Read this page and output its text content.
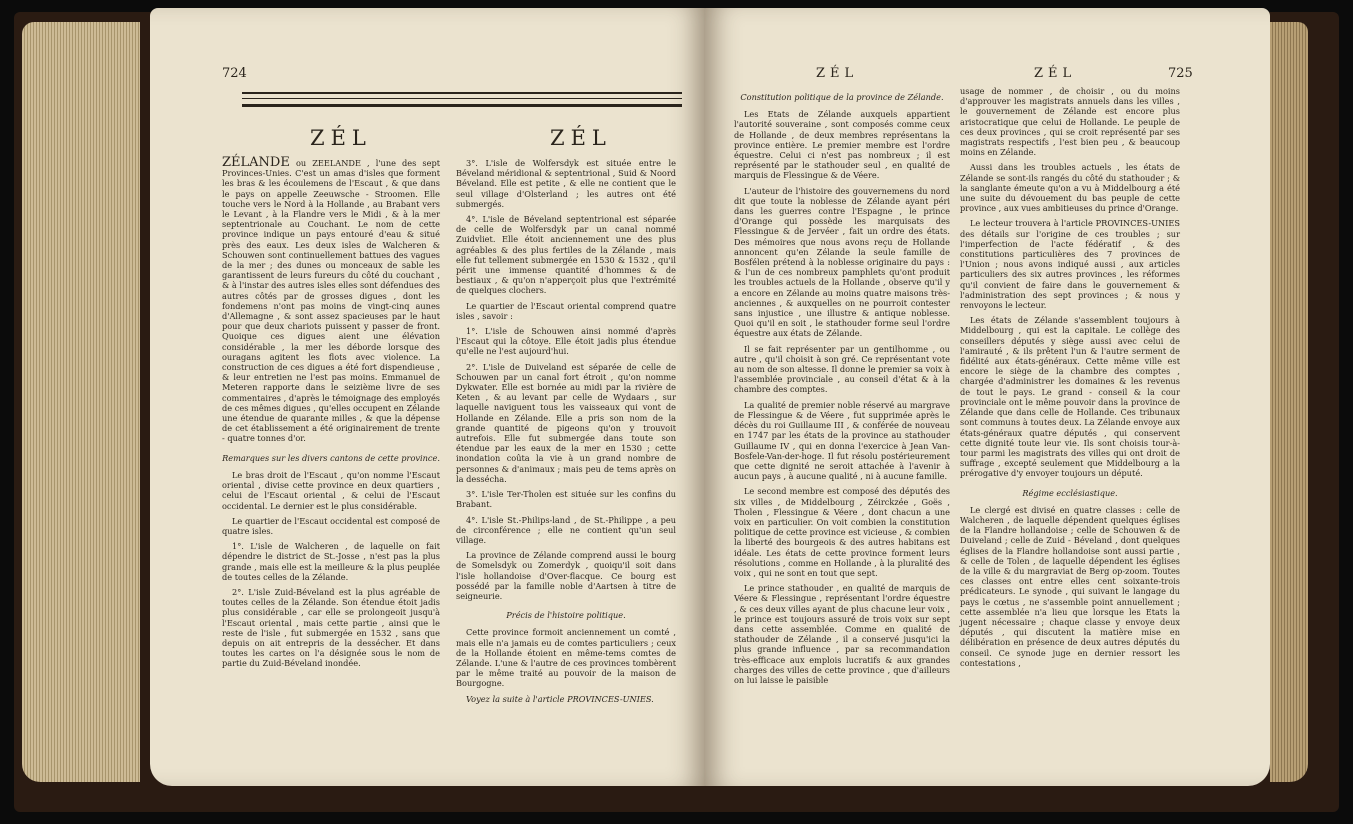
724
ZÉL	ZÉL

ZÉLANDE ou ZEELANDE , l'une des sept Provinces-Unies. C'est un amas d'isles que forment les bras & les écoulemens de l'Escaut , & que dans le pays on appelle Zeeuwsche - Stroomen. Elle touche vers le Nord à la Hollande , au Brabant vers le Levant , à la Flandre vers le Midi , & à la mer septentrionale au Couchant. Le nom de cette province indique un pays entouré d'eau & situé près des eaux. Les deux isles de Walcheren & Schouwen sont continuellement battues des vagues de la mer ; des dunes ou monceaux de sable les garantissent de leurs fureurs du côté du couchant , & à l'instar des autres isles elles sont défendues des autres côtés par de grosses digues , dont les fondemens n'ont pas moins de vingt-cinq aunes d'Allemagne , & sont assez spacieuses par le haut pour que deux chariots puissent y passer de front. Quoique ces digues aient une élévation considérable , la mer les déborde lorsque des ouragans agitent les flots avec violence. La construction de ces digues a été fort dispendieuse , & leur entretien ne l'est pas moins. Emmanuel de Meteren rapporte dans le seizième livre de ses commentaires , d'après le témoignage des employés de ces mêmes digues , qu'elles occupent en Zélande une étendue de quarante milles , & que la dépense de cet établissement a été originairement de trente - quatre tonnes d'or.

Remarques sur les divers cantons de cette province.

Le bras droit de l'Escaut , qu'on nomme l'Escaut oriental , divise cette province en deux quartiers , celui de l'Escaut oriental , & celui de l'Escaut occidental. Le dernier est le plus considérable.

Le quartier de l'Escaut occidental est composé de quatre isles.

1°. L'isle de Walcheren , de laquelle on fait dépendre le district de St.-Josse , n'est pas la plus grande , mais elle est la meilleure & la plus peuplée de toutes celles de la Zélande.

2°. L'isle Zuid-Béveland est la plus agréable de toutes celles de la Zélande. Son étendue étoit jadis plus considérable , car elle se prolongeoit jusqu'à l'Escaut oriental , mais cette partie , ainsi que le reste de l'isle , fut submergée en 1532 , sans que depuis on ait entrepris de la dessécher. Et dans toutes les cartes on l'a désignée sous le nom de partie du Zuid-Béveland inondée.

3°. L'isle de Wolfersdyk est située entre le Béveland méridional & septentrional , Suid & Noord Béveland. Elle est petite , & elle ne contient que le seul village d'Olsterland ; les autres ont été submergés.

4°. L'isle de Béveland septentrional est séparée de celle de Wolfersdyk par un canal nommé Zuidvliet. Elle étoit anciennement une des plus agréables & des plus fertiles de la Zélande , mais elle fut tellement submergée en 1530 & 1532 , qu'il périt une immense quantité d'hommes & de bestiaux , & qu'on n'apperçoit plus que l'extrémité de quelques clochers.

Le quartier de l'Escaut oriental comprend quatre isles , savoir :

1°. L'isle de Schouwen ainsi nommé d'après l'Escaut qui la côtoye. Elle étoit jadis plus étendue qu'elle ne l'est aujourd'hui.

2°. L'isle de Duiveland est séparée de celle de Schouwen par un canal fort étroit , qu'on nomme Dykwater. Elle est bornée au midi par la rivière de Keten , & au levant par celle de Wydaars , sur laquelle naviguent tous les vaisseaux qui vont de Hollande en Zélande. Elle a pris son nom de la grande quantité de pigeons qu'on y trouvoit autrefois. Elle fut submergée dans toute son étendue par les eaux de la mer en 1530 ; cette inondation coûta la vie à un grand nombre de personnes & d'animaux ; mais peu de tems après on la dessécha.

3°. L'isle Ter-Tholen est située sur les confins du Brabant.

4°. L'isle St.-Philips-land , de St.-Philippe , a peu de circonférence ; elle ne contient qu'un seul village.

La province de Zélande comprend aussi le bourg de Somelsdyk ou Zomerdyk , quoiqu'il soit dans l'isle hollandoise d'Over-flacque. Ce bourg est possédé par la famille noble d'Aartsen à titre de seigneurie.

Précis de l'histoire politique.

Cette province formoit anciennement un comté , mais elle n'a jamais eu de comtes particuliers ; ceux de la Hollande étoient en même-tems comtes de Zélande. L'une & l'autre de ces provinces tombèrent par le même traité au pouvoir de la maison de Bourgogne.

Voyez la suite à l'article PROVINCES-UNIES.

ZÉL	ZÉL	725

Constitution politique de la province de Zélande.

Les Etats de Zélande auxquels appartient l'autorité souveraine , sont composés comme ceux de Hollande , de deux membres représentans la province entière. Le premier membre est l'ordre équestre. Celui ci n'est pas nombreux ; il est représenté par le stathouder seul , en qualité de marquis de Flessingue & de Véere.

L'auteur de l'histoire des gouvernemens du nord dit que toute la noblesse de Zélande ayant péri dans les guerres contre l'Espagne , le prince d'Orange qui possède les marquisats des Flessingue & de Jervéer , fait un ordre des états. Des mémoires que nous avons reçu de Hollande annoncent qu'en Zélande la seule famille de Bosfélen prétend à la noblesse originaire du pays : & l'un de ces nombreux pamphlets qu'ont produit les troubles actuels de la Hollande , observe qu'il y a encore en Zélande au moins quatre maisons très-anciennes , & auxquelles on ne pourroit contester sans injustice , une illustre & antique noblesse. Quoi qu'il en soit , le stathouder forme seul l'ordre équestre aux états de Zélande.

Il se fait représenter par un gentilhomme , ou autre , qu'il choisit à son gré. Ce représentant vote au nom de son altesse. Il donne le premier sa voix à l'assemblée provinciale , au conseil d'état & à la chambre des comptes.

La qualité de premier noble réservé au margrave de Flessingue & de Véere , fut supprimée après le décès du roi Guillaume III , & conférée de nouveau en 1747 par les états de la province au stathouder Guillaume IV , qui en donna l'exercice à Jean Van-Bosfele-Van-der-hoge. Il fut résolu postérieurement que cette dignité ne seroit attachée à l'avenir à aucun pays , à aucune qualité , ni à aucune famille.

Le second membre est composé des députés des six villes , de Middelbourg , Zéirckzée , Goës , Tholen , Flessingue & Véere , dont chacun a une voix en particulier. On voit combien la constitution politique de cette province est vicieuse , & combien la liberté des bourgeois & des autres habitans est idéale. Les états de cette province forment leurs résolutions , comme en Hollande , à la pluralité des voix , qui ne sont en tout que sept.

Le prince stathouder , en qualité de marquis de Véere & Flessingue , représentant l'ordre équestre , & ces deux villes ayant de plus chacune leur voix , le prince est toujours assuré de trois voix sur sept dans cette assemblée. Comme en qualité de stathouder de Zélande , il a conservé jusqu'ici la plus grande influence , par sa recommandation très-efficace aux emplois lucratifs & aux grandes charges des villes de cette province , que d'ailleurs on lui laisse le paisible

usage de nommer , de choisir , ou du moins d'approuver les magistrats annuels dans les villes , le gouvernement de Zélande est encore plus aristocratique que celui de Hollande. Le peuple de ces deux provinces , qui se croit représenté par ses magistrats respectifs , l'est bien peu , & beaucoup moins en Zélande.

Aussi dans les troubles actuels , les états de Zélande se sont-ils rangés du côté du stathouder ; & la sanglante émeute qu'on a vu à Middelbourg a été une suite du dévouement du bas peuple de cette province , aux vues ambitieuses du prince d'Orange.

Le lecteur trouvera à l'article PROVINCES-UNIES des détails sur l'origine de ces troubles ; sur l'imperfection de l'acte fédératif , & des constitutions particulières des 7 provinces de l'Union ; nous avons indiqué aussi , aux articles particuliers des six autres provinces , les réformes qu'il convient de faire dans le gouvernement & l'administration des sept provinces ; & nous y renvoyons le lecteur.

Les états de Zélande s'assemblent toujours à Middelbourg , qui est la capitale. Le collège des conseillers députés y siège aussi avec celui de l'amirauté , & ils prêtent l'un & l'autre serment de fidélité aux états-généraux. Cette même ville est encore le siège de la chambre des comptes , chargée d'administrer les domaines & les revenus de tout le pays. Le grand - conseil & la cour provinciale ont le même pouvoir dans la province de Zélande que dans celle de Hollande. Ces tribunaux sont communs à toutes deux. La Zélande envoye aux états-généraux quatre députés , qui conservent cette dignité toute leur vie. Ils sont choisis tour-à-tour parmi les magistrats des villes qui ont droit de suffrage , excepté seulement que Middelbourg a la prérogative d'y envoyer toujours un député.

Régime ecclésiastique.

Le clergé est divisé en quatre classes : celle de Walcheren , de laquelle dépendent quelques églises de la Flandre hollandoise ; celle de Schouwen & de Duiveland ; celle de Zuid - Béveland , dont quelques églises de la Flandre hollandoise sont aussi partie , & celle de Tolen , de laquelle dépendent les églises de la ville & du margraviat de Berg op-zoom. Toutes ces classes ont entre elles cent soixante-trois prédicateurs. Le synode , qui suivant le langage du pays le cœtus , ne s'assemble point annuellement ; cette assemblée n'a lieu que lorsque les Etats la jugent nécessaire ; chaque classe y envoye deux députés , qui discutent la matière mise en délibération en présence de deux autres députés du conseil. Ce synode juge en dernier ressort les contestations ,
